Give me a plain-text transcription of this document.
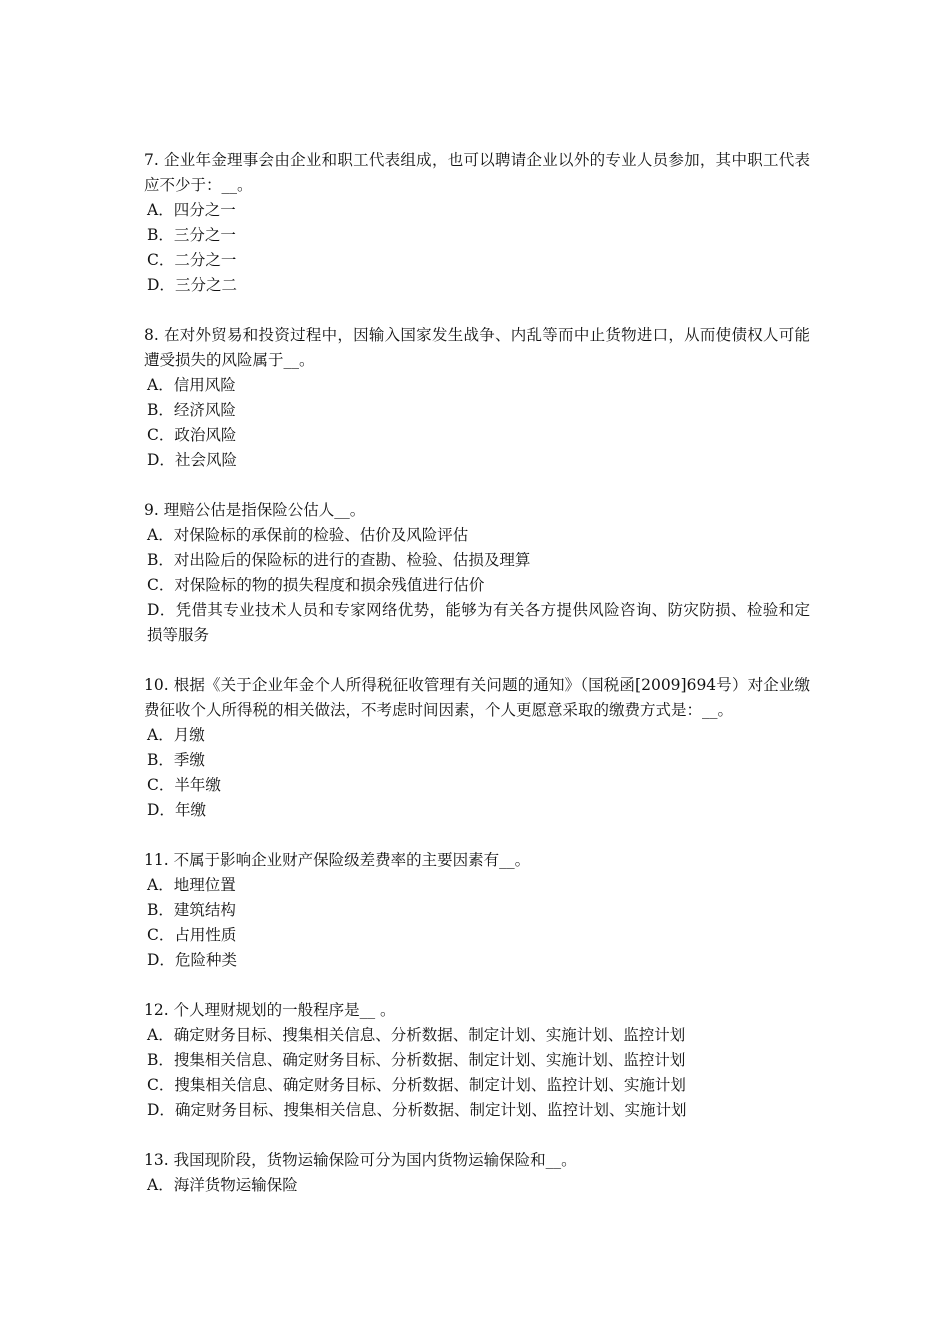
7. 企业年金理事会由企业和职工代表组成，也可以聘请企业以外的专业人员参加，其中职工代表应不少于：__。

A．四分之一

B．三分之一

C．二分之一

D．三分之二

8. 在对外贸易和投资过程中，因输入国家发生战争、内乱等而中止货物进口，从而使债权人可能遭受损失的风险属于__。

A．信用风险

B．经济风险

C．政治风险

D．社会风险

9. 理赔公估是指保险公估人__。

A．对保险标的承保前的检验、估价及风险评估

B．对出险后的保险标的进行的查勘、检验、估损及理算

C．对保险标的物的损失程度和损余残值进行估价

D．凭借其专业技术人员和专家网络优势，能够为有关各方提供风险咨询、防灾防损、检验和定损等服务

10. 根据《关于企业年金个人所得税征收管理有关问题的通知》（国税函[2009]694号）对企业缴费征收个人所得税的相关做法，不考虑时间因素，个人更愿意采取的缴费方式是：__。

A．月缴

B．季缴

C．半年缴

D．年缴

11. 不属于影响企业财产保险级差费率的主要因素有__。

A．地理位置

B．建筑结构

C．占用性质

D．危险种类

12. 个人理财规划的一般程序是__ 。

A．确定财务目标、搜集相关信息、分析数据、制定计划、实施计划、监控计划

B．搜集相关信息、确定财务目标、分析数据、制定计划、实施计划、监控计划

C．搜集相关信息、确定财务目标、分析数据、制定计划、监控计划、实施计划

D．确定财务目标、搜集相关信息、分析数据、制定计划、监控计划、实施计划

13. 我国现阶段，货物运输保险可分为国内货物运输保险和__。

A．海洋货物运输保险
